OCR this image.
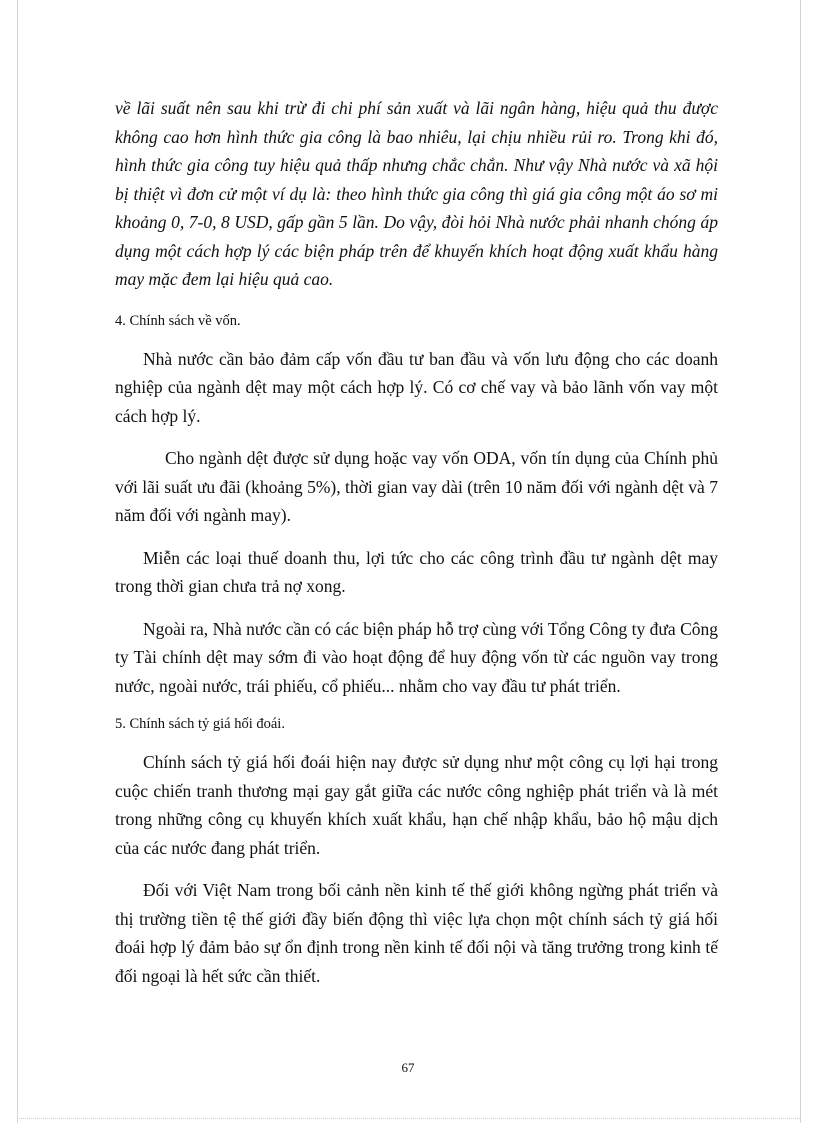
về lãi suất nên sau khi trừ đi chi phí sản xuất và lãi ngân hàng, hiệu quả thu được không cao hơn hình thức gia công là bao nhiêu, lại chịu nhiều rủi ro. Trong khi đó, hình thức gia công tuy hiệu quả thấp nhưng chắc chắn. Như vậy Nhà nước và xã hội bị thiệt vì đơn cử một ví dụ là: theo hình thức gia công thì giá gia công một áo sơ mi khoảng 0, 7-0, 8 USD, gấp gần 5 lần. Do vậy, đòi hỏi Nhà nước phải nhanh chóng áp dụng một cách hợp lý các biện pháp trên để khuyến khích hoạt động xuất khẩu hàng may mặc đem lại hiệu quả cao.

4. Chính sách về vốn.

Nhà nước cần bảo đảm cấp vốn đầu tư ban đầu và vốn lưu động cho các doanh nghiệp của ngành dệt may một cách hợp lý. Có cơ chế vay và bảo lãnh vốn vay một cách hợp lý.

Cho ngành dệt được sử dụng hoặc vay vốn ODA, vốn tín dụng của Chính phủ với lãi suất ưu đãi (khoảng 5%), thời gian vay dài (trên 10 năm đối với ngành dệt và 7 năm đối với ngành may).

Miễn các loại thuế doanh thu, lợi tức cho các công trình đầu tư ngành dệt may trong thời gian chưa trả nợ xong.

Ngoài ra, Nhà nước cần có các biện pháp hỗ trợ cùng với Tổng Công ty đưa Công ty Tài chính dệt may sớm đi vào hoạt động để huy động vốn từ các nguồn vay trong nước, ngoài nước, trái phiếu, cổ phiếu... nhằm cho vay đầu tư phát triển.

5. Chính sách tỷ giá hối đoái.

Chính sách tỷ giá hối đoái hiện nay được sử dụng như một công cụ lợi hại trong cuộc chiến tranh thương mại gay gắt giữa các nước công nghiệp phát triển và là mét trong những công cụ khuyến khích xuất khẩu, hạn chế nhập khẩu, bảo hộ mậu dịch của các nước đang phát triển.

Đối với Việt Nam trong bối cảnh nền kinh tế thế giới không ngừng phát triển và thị trường tiền tệ thế giới đầy biến động thì việc lựa chọn một chính sách tỷ giá hối đoái hợp lý đảm bảo sự ổn định trong nền kinh tế đối nội và tăng trưởng trong kinh tế đối ngoại là hết sức cần thiết.

67
